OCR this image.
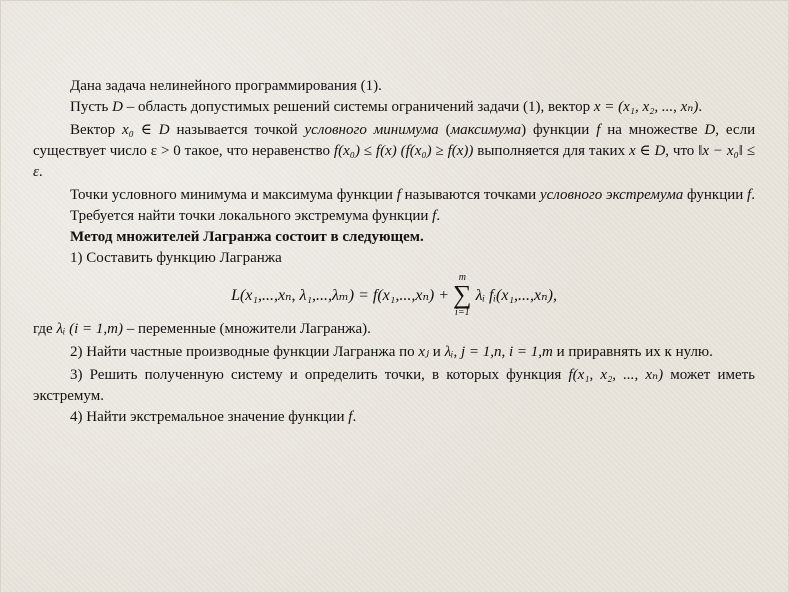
Дана задача нелинейного программирования (1).

Пусть D – область допустимых решений системы ограничений задачи (1), вектор x = (x₁, x₂, ..., xₙ).

Вектор x₀ ∈ D называется точкой условного минимума (максимума) функции f на множестве D, если существует число ε > 0 такое, что неравенство f(x₀) ≤ f(x) (f(x₀) ≥ f(x)) выполняется для таких x ∈ D, что ‖x − x₀‖ ≤ ε.

Точки условного минимума и максимума функции f называются точками условного экстремума функции f.

Требуется найти точки локального экстремума функции f.

Метод множителей Лагранжа состоит в следующем.

1) Составить функцию Лагранжа

L(x₁,...,xₙ, λ₁,...,λₘ) = f(x₁,...,xₙ) +
m
∑
i=1
λᵢ fᵢ(x₁,...,xₙ),

где λᵢ (i = 1,m) – переменные (множители Лагранжа).

2) Найти частные производные функции Лагранжа по xⱼ и λᵢ, j = 1,n, i = 1,m и приравнять их к нулю.

3) Решить полученную систему и определить точки, в которых функция f(x₁, x₂, ..., xₙ) может иметь экстремум.

4) Найти экстремальное значение функции f.
